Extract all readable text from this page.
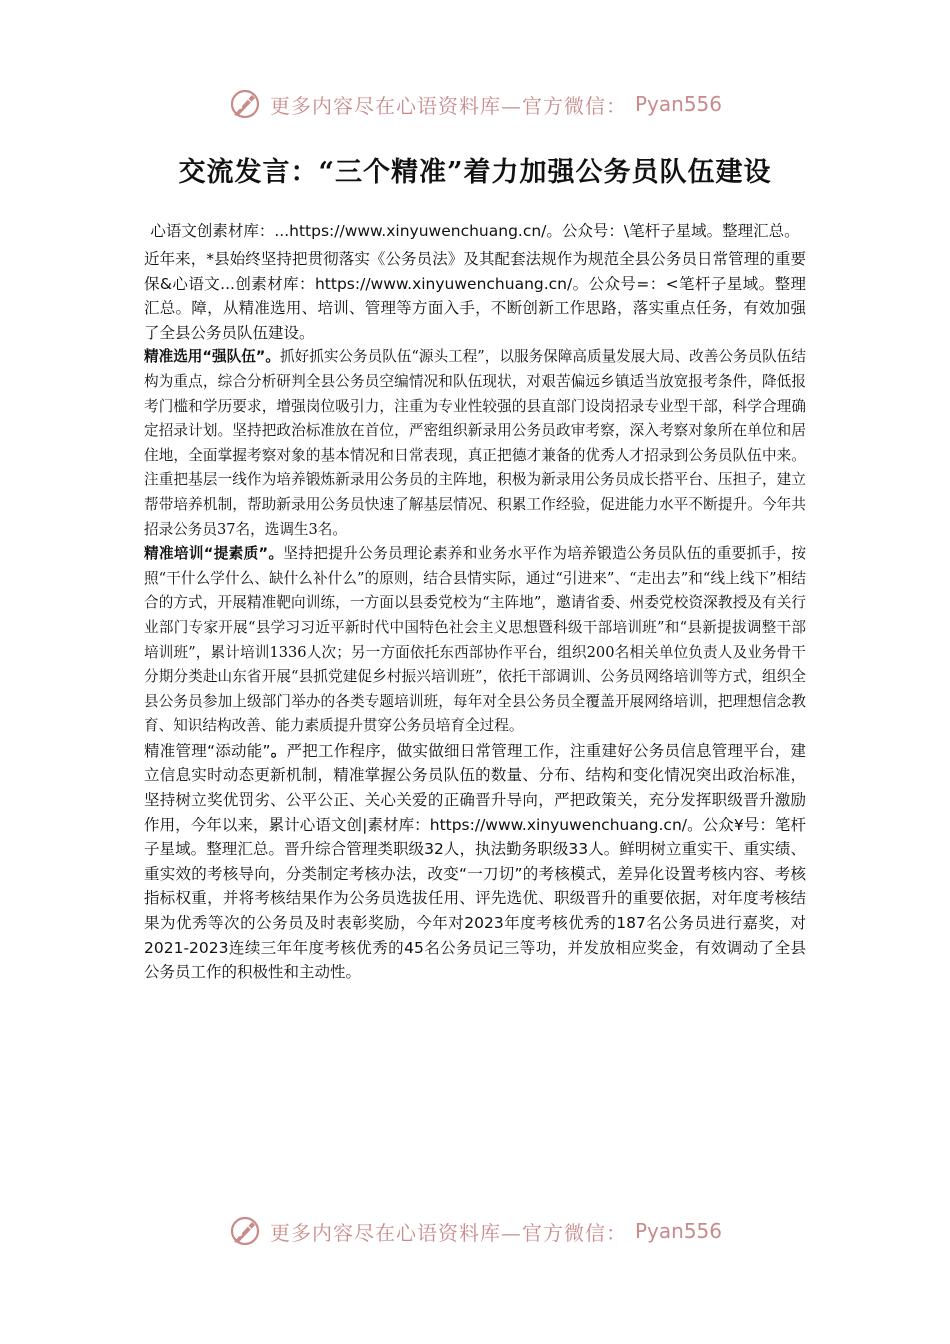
更多内容尽在心语资料库—官方微信： Pyan556
交流发言：“三个精准”着力加强公务员队伍建设

心语文创素材库：...https://www.xinyuwenchuang.cn/。公众号：\笔杆子星域。整理汇总。

近年来，*县始终坚持把贯彻落实《公务员法》及其配套法规作为规范全县公务员日常管理的重要保&心语文...创素材库：https://www.xinyuwenchuang.cn/。公众号=：<笔杆子星域。整理汇总。障，从精准选用、培训、管理等方面入手，不断创新工作思路，落实重点任务，有效加强了全县公务员队伍建设。

精准选用“强队伍”。抓好抓实公务员队伍“源头工程”，以服务保障高质量发展大局、改善公务员队伍结构为重点，综合分析研判全县公务员空编情况和队伍现状，对艰苦偏远乡镇适当放宽报考条件，降低报考门槛和学历要求，增强岗位吸引力，注重为专业性较强的县直部门设岗招录专业型干部，科学合理确定招录计划。坚持把政治标准放在首位，严密组织新录用公务员政审考察，深入考察对象所在单位和居住地，全面掌握考察对象的基本情况和日常表现，真正把德才兼备的优秀人才招录到公务员队伍中来。注重把基层一线作为培养锻炼新录用公务员的主阵地，积极为新录用公务员成长搭平台、压担子，建立帮带培养机制，帮助新录用公务员快速了解基层情况、积累工作经验，促进能力水平不断提升。今年共招录公务员37名，选调生3名。

精准培训“提素质”。坚持把提升公务员理论素养和业务水平作为培养锻造公务员队伍的重要抓手，按照“干什么学什么、缺什么补什么”的原则，结合县情实际，通过“引进来”、“走出去”和“线上线下”相结合的方式，开展精准靶向训练，一方面以县委党校为“主阵地”，邀请省委、州委党校资深教授及有关行业部门专家开展“县学习习近平新时代中国特色社会主义思想暨科级干部培训班”和“县新提拔调整干部培训班”，累计培训1336人次；另一方面依托东西部协作平台，组织200名相关单位负责人及业务骨干分期分类赴山东省开展“县抓党建促乡村振兴培训班”，依托干部调训、公务员网络培训等方式，组织全县公务员参加上级部门举办的各类专题培训班，每年对全县公务员全覆盖开展网络培训，把理想信念教育、知识结构改善、能力素质提升贯穿公务员培育全过程。

精准管理“添动能”。严把工作程序，做实做细日常管理工作，注重建好公务员信息管理平台，建立信息实时动态更新机制，精准掌握公务员队伍的数量、分布、结构和变化情况突出政治标准，坚持树立奖优罚劣、公平公正、关心关爱的正确晋升导向，严把政策关，充分发挥职级晋升激励作用，今年以来，累计心语文创|素材库：https://www.xinyuwenchuang.cn/。公众¥号：笔杆子星域。整理汇总。晋升综合管理类职级32人，执法勤务职级33人。鲜明树立重实干、重实绩、重实效的考核导向，分类制定考核办法，改变“一刀切”的考核模式，差异化设置考核内容、考核指标权重，并将考核结果作为公务员选拔任用、评先选优、职级晋升的重要依据，对年度考核结果为优秀等次的公务员及时表彰奖励，今年对2023年度考核优秀的187名公务员进行嘉奖，对2021-2023连续三年年度考核优秀的45名公务员记三等功，并发放相应奖金，有效调动了全县公务员工作的积极性和主动性。

更多内容尽在心语资料库—官方微信： Pyan556
